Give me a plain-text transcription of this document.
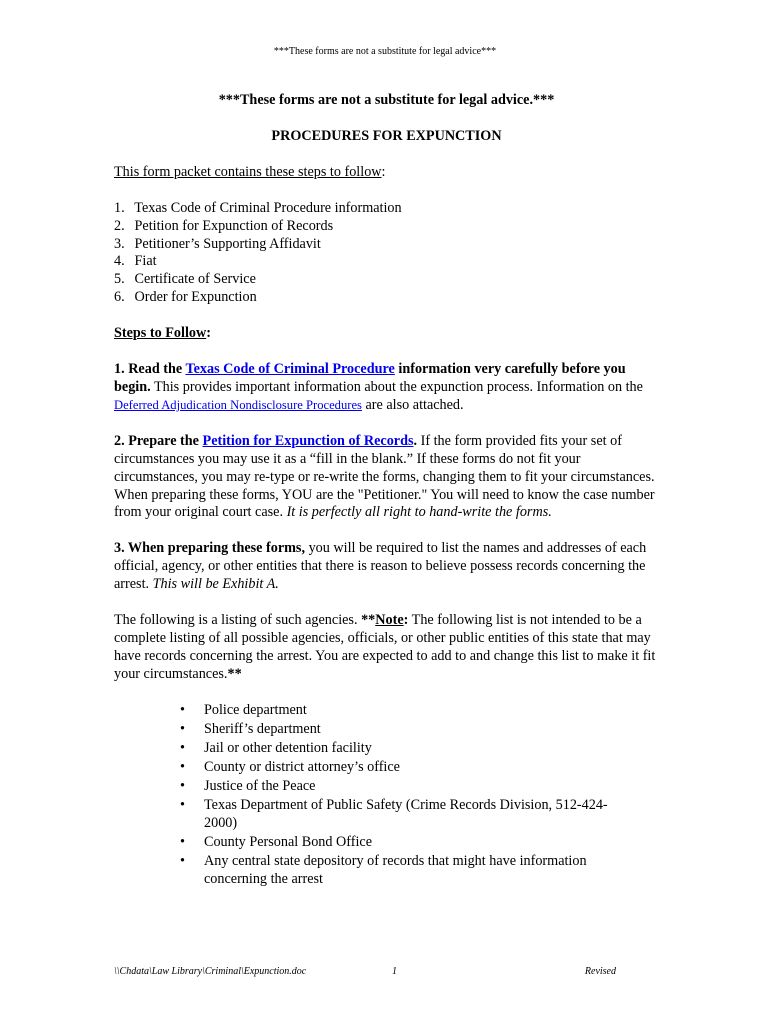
***These forms are not a substitute for legal advice***

***These forms are not a substitute for legal advice.***

PROCEDURES FOR EXPUNCTION

This form packet contains these steps to follow:

1. Texas Code of Criminal Procedure information
2. Petition for Expunction of Records
3. Petitioner’s Supporting Affidavit
4. Fiat
5. Certificate of Service
6. Order for Expunction

Steps to Follow:

1. Read the Texas Code of Criminal Procedure information very carefully before you begin. This provides important information about the expunction process. Information on the Deferred Adjudication Nondisclosure Procedures are also attached.

2. Prepare the Petition for Expunction of Records. If the form provided fits your set of circumstances you may use it as a “fill in the blank.” If these forms do not fit your circumstances, you may re-type or re-write the forms, changing them to fit your circumstances. When preparing these forms, YOU are the "Petitioner." You will need to know the case number from your original court case. It is perfectly all right to hand-write the forms.

3. When preparing these forms, you will be required to list the names and addresses of each official, agency, or other entities that there is reason to believe possess records concerning the arrest. This will be Exhibit A.

The following is a listing of such agencies. **Note: The following list is not intended to be a complete listing of all possible agencies, officials, or other public entities of this state that may have records concerning the arrest. You are expected to add to and change this list to make it fit your circumstances.**

• Police department
• Sheriff’s department
• Jail or other detention facility
• County or district attorney’s office
• Justice of the Peace
• Texas Department of Public Safety (Crime Records Division, 512-424-2000)
• County Personal Bond Office
• Any central state depository of records that might have information concerning the arrest
\\Chdata\Law Library\Criminal\Expunction.doc	1	Revised
